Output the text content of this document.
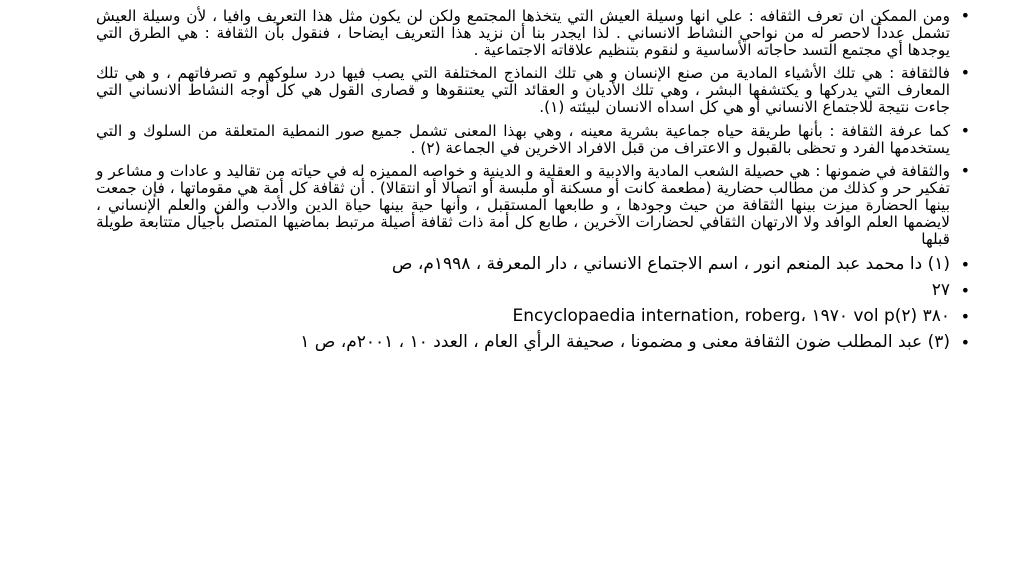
• ومن الممكن ان تعرف الثقافه : علي انها وسيلة العيش التي يتخذها المجتمع ولكن لن يكون مثل هذا التعريف وافيا ، لأن وسيلة العيش تشمل عدداً لاحصر له من نواحي النشاط الانساني . لذا ايجدر بنا أن نزيد هذا التعريف ايضاحا ، فنقول بأن الثقافة : هي الطرق التي يوجدها أي مجتمع التسد حاجاته الأساسية و لنقوم بتنظيم علاقاته الاجتماعية .
• فالثقافة : هي تلك الأشياء المادية من صنع الإنسان و هي تلك النماذج المختلفة التي يصب فيها درد سلوكهم و تصرفاتهم ، و هي تلك المعارف التي يدركها و يكتشفها البشر ، وهي تلك الأديان و العقائد التي يعتنقوها و قصارى القول هي كل أوجه النشاط الانساني التي جاءت نتيجة للاجتماع الانساني أو هي كل اسداه الانسان لبيئته (١).
• كما عرفة الثقافة : بأنها طريقة حياه جماعية بشرية معينه ، وهي بهذا المعنى تشمل جميع صور النمطية المتعلقة من السلوك و التي يستخدمها الفرد و تحظى بالقبول و الاعتراف من قبل الافراد الاخرين في الجماعة (٢) .
• والثقافة في ضمونها : هي حصيلة الشعب المادية والادبية و العقلية و الدينية و خواصه المميزه له في حياته من تقاليد و عادات و مشاعر و تفكير حر و كذلك من مطالب حضارية (مطعمة كانت أو مسكنة أو ملبسة أو اتصالا أو انتقالا) . أن ثقافة كل أمة هي مقوماتها ، فإن جمعت بينها الحضارة ميزت بينها الثقافة من حيث وجودها ، و طابعها المستقبل ، وأنها حية بينها حياة الدين والأدب والفن والعلم الإنساني ، لايضمها العلم الوافد ولا الارتهان الثقافي لحضارات الآخرين ، طابع كل أمة ذات ثقافة أصيلة مرتبط بماضيها المتصل بأجيال متتابعة طويلة قبلها
• (١) دا محمد عبد المنعم انور ، اسم الاجتماع الانساني ، دار المعرفة ، ١٩٩٨م، ص
• ٢٧
• Encyclopaedia internation, roberg، ١٩٧٠ vol p٣٨٠ (٢)
• (٣) عبد المطلب ضون الثقافة معنى و مضمونا ، صحيفة الرأي العام ، العدد ١٠ ، ٢٠٠١م، ص ١
